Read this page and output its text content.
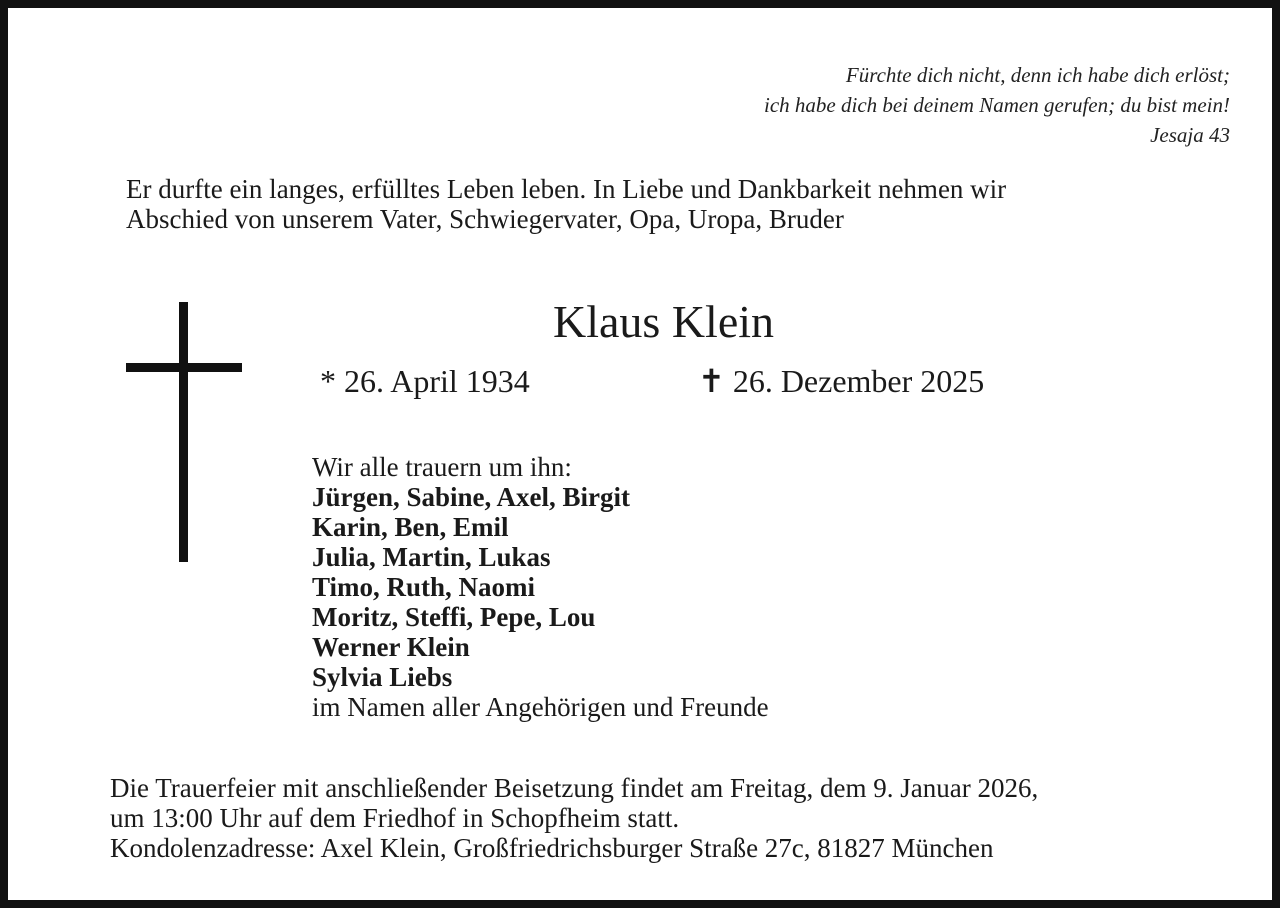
Fürchte dich nicht, denn ich habe dich erlöst;
ich habe dich bei deinem Namen gerufen; du bist mein!
Jesaja 43
Er durfte ein langes, erfülltes Leben leben. In Liebe und Dankbarkeit nehmen wir
Abschied von unserem Vater, Schwiegervater, Opa, Uropa, Bruder
Klaus Klein
* 26. April 1934	✝ 26. Dezember 2025
Wir alle trauern um ihn:
Jürgen, Sabine, Axel, Birgit
Karin, Ben, Emil
Julia, Martin, Lukas
Timo, Ruth, Naomi
Moritz, Steffi, Pepe, Lou
Werner Klein
Sylvia Liebs
im Namen aller Angehörigen und Freunde
Die Trauerfeier mit anschließender Beisetzung findet am Freitag, dem 9. Januar 2026,
um 13:00 Uhr auf dem Friedhof in Schopfheim statt.
Kondolenzadresse: Axel Klein, Großfriedrichsburger Straße 27c, 81827 München
